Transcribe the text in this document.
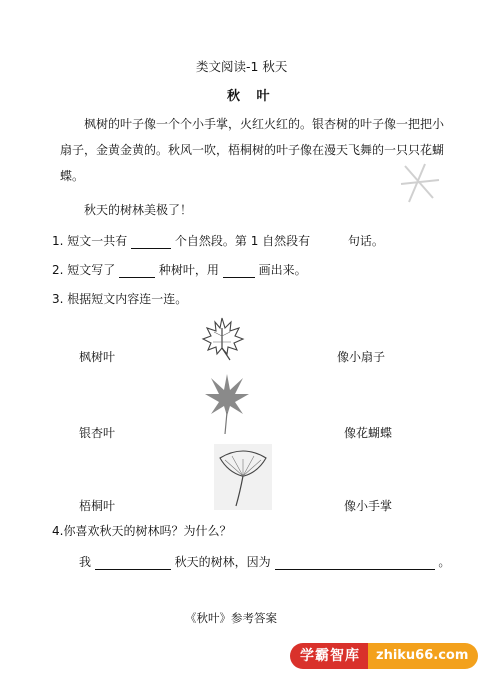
类文阅读-1 秋天
秋 叶
枫树的叶子像一个个小手掌，火红火红的。银杏树的叶子像一把把小扇子，金黄金黄的。秋风一吹，梧桐树的叶子像在漫天飞舞的一只只花蝴蝶。
秋天的树林美极了！
1. 短文一共有	个自然段。第 1 自然段有	句话。
2. 短文写了	种树叶，用	画出来。
3. 根据短文内容连一连。
枫树叶
银杏叶
梧桐叶
像小扇子
像花蝴蝶
像小手掌
4.你喜欢秋天的树林吗？为什么？
我	秋天的树林，因为	。
《秋叶》参考答案
学霸智库	zhiku66.com
